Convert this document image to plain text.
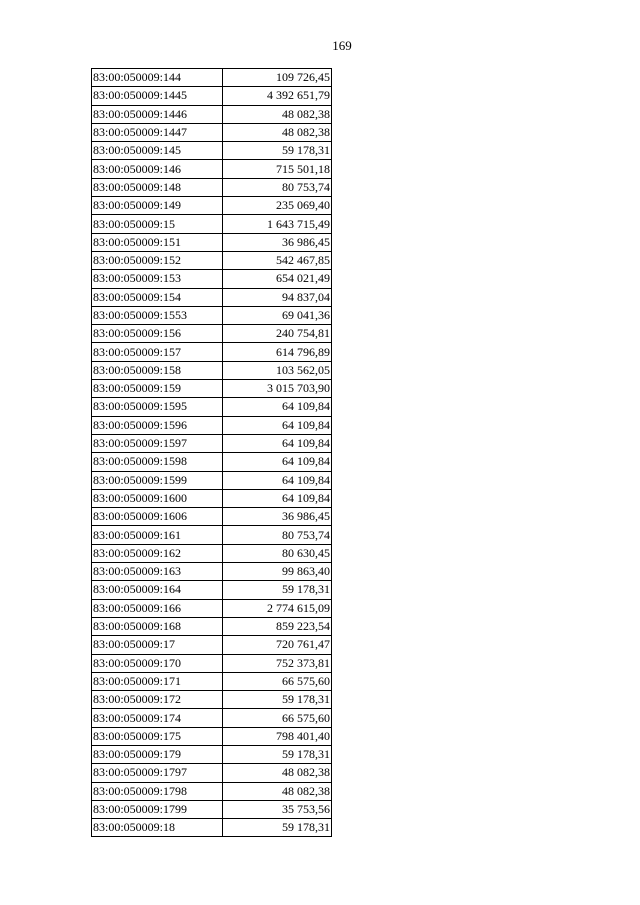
169
83:00:050009:144	109 726,45
83:00:050009:1445	4 392 651,79
83:00:050009:1446	48 082,38
83:00:050009:1447	48 082,38
83:00:050009:145	59 178,31
83:00:050009:146	715 501,18
83:00:050009:148	80 753,74
83:00:050009:149	235 069,40
83:00:050009:15	1 643 715,49
83:00:050009:151	36 986,45
83:00:050009:152	542 467,85
83:00:050009:153	654 021,49
83:00:050009:154	94 837,04
83:00:050009:1553	69 041,36
83:00:050009:156	240 754,81
83:00:050009:157	614 796,89
83:00:050009:158	103 562,05
83:00:050009:159	3 015 703,90
83:00:050009:1595	64 109,84
83:00:050009:1596	64 109,84
83:00:050009:1597	64 109,84
83:00:050009:1598	64 109,84
83:00:050009:1599	64 109,84
83:00:050009:1600	64 109,84
83:00:050009:1606	36 986,45
83:00:050009:161	80 753,74
83:00:050009:162	80 630,45
83:00:050009:163	99 863,40
83:00:050009:164	59 178,31
83:00:050009:166	2 774 615,09
83:00:050009:168	859 223,54
83:00:050009:17	720 761,47
83:00:050009:170	752 373,81
83:00:050009:171	66 575,60
83:00:050009:172	59 178,31
83:00:050009:174	66 575,60
83:00:050009:175	798 401,40
83:00:050009:179	59 178,31
83:00:050009:1797	48 082,38
83:00:050009:1798	48 082,38
83:00:050009:1799	35 753,56
83:00:050009:18	59 178,31
